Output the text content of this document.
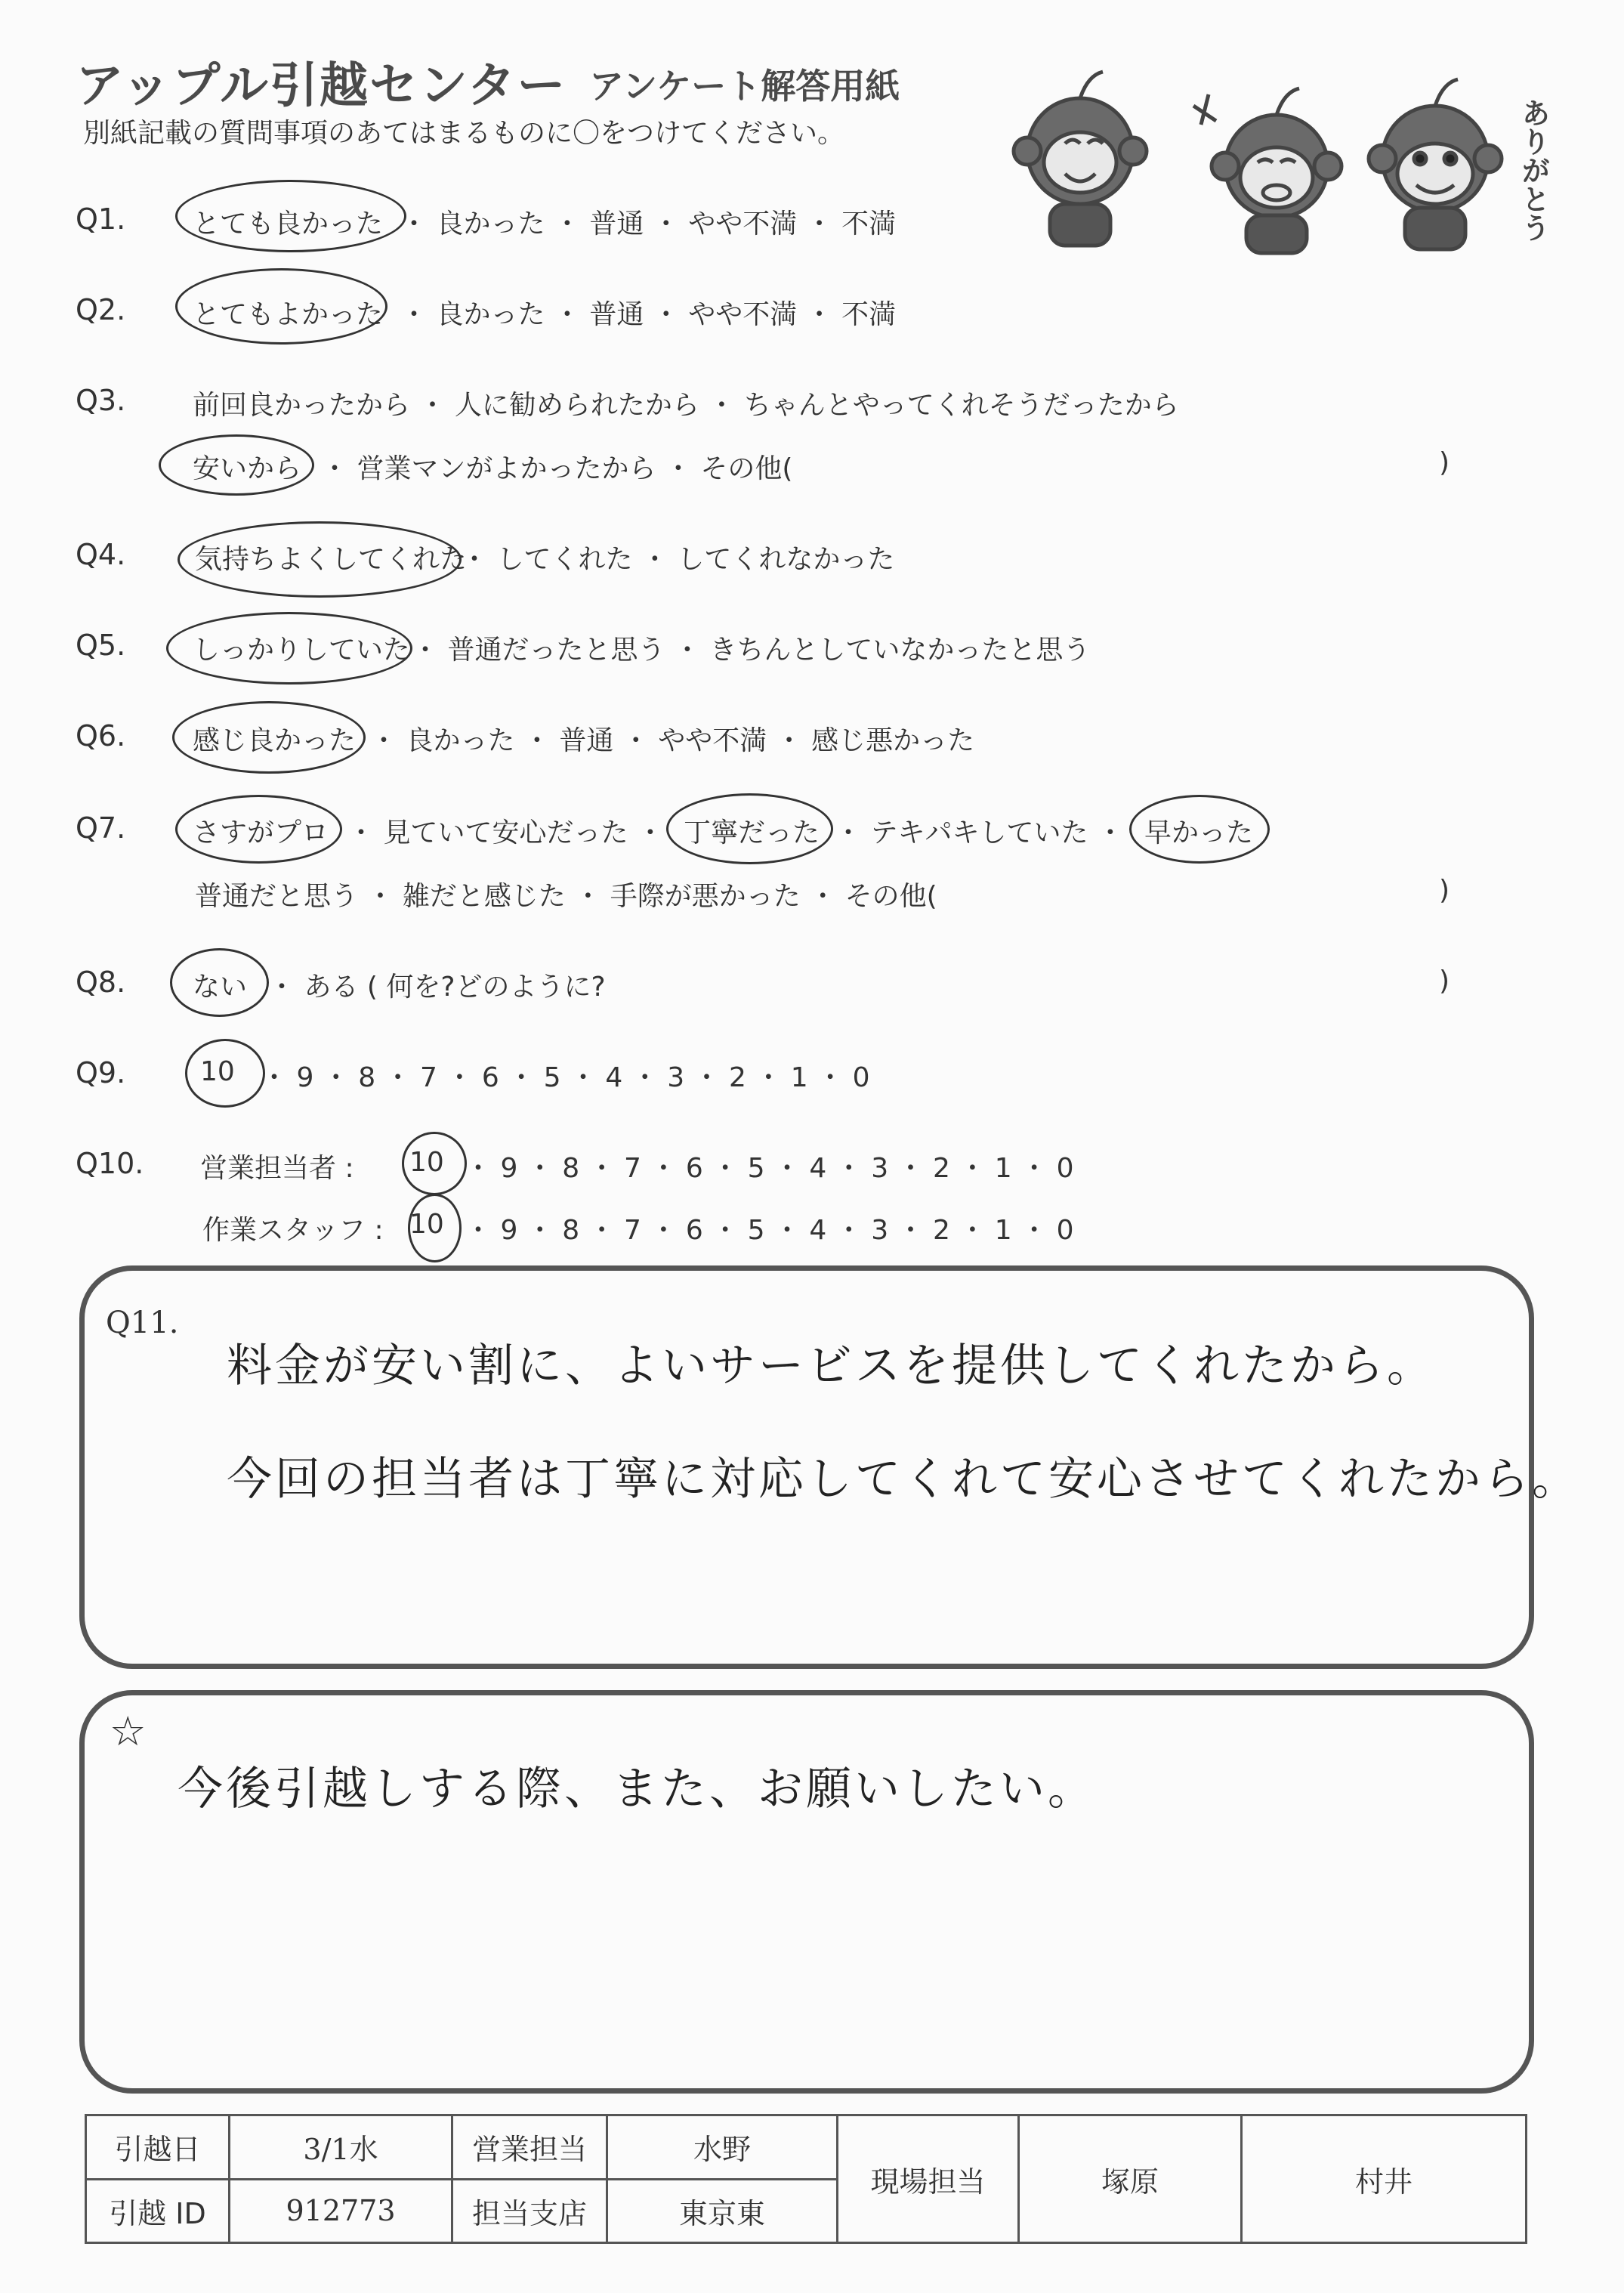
アップル引越センター アンケート解答用紙
別紙記載の質問事項のあてはまるものに〇をつけてください。	ありがとう
Q1. とても良かった ・ 良かった ・ 普通 ・ やや不満 ・ 不満
Q2. とてもよかった ・ 良かった ・ 普通 ・ やや不満 ・ 不満
Q3. 前回良かったから ・ 人に勧められたから ・ ちゃんとやってくれそうだったから
安いから ・ 営業マンがよかったから ・ その他(	)
Q4.	気持ちよくしてくれた
・ してくれた ・ してくれなかった
Q5. しっかりしていた ・ 普通だったと思う ・ きちんとしていなかったと思う
Q6. 感じ良かった ・ 良かった ・ 普通 ・ やや不満 ・ 感じ悪かった
Q7. さすがプロ ・ 見ていて安心だった ・ 丁寧だった ・ テキパキしていた ・ 早かった
普通だと思う ・ 雑だと感じた ・ 手際が悪かった ・ その他(	)
Q8. ない ・ ある ( 何を?どのように?	)
Q9.	10 ・ 9 ・ 8 ・ 7 ・ 6 ・ 5 ・ 4 ・ 3 ・ 2 ・ 1 ・ 0
Q10. 営業担当者 : 10 ・ 9 ・ 8 ・ 7 ・ 6 ・ 5 ・ 4 ・ 3 ・ 2 ・ 1 ・ 0
作業スタッフ : 10 ・ 9 ・ 8 ・ 7 ・ 6 ・ 5 ・ 4 ・ 3 ・ 2 ・ 1 ・ 0
Q11.
料金が安い割に、よいサービスを提供してくれたから。
今回の担当者は丁寧に対応してくれて安心させてくれたから。
☆
今後引越しする際、また、お願いしたい。
引越日	3/1水	営業担当	水野	現場担当	塚原	村井
引越 ID	912773	担当支店	東京東			
